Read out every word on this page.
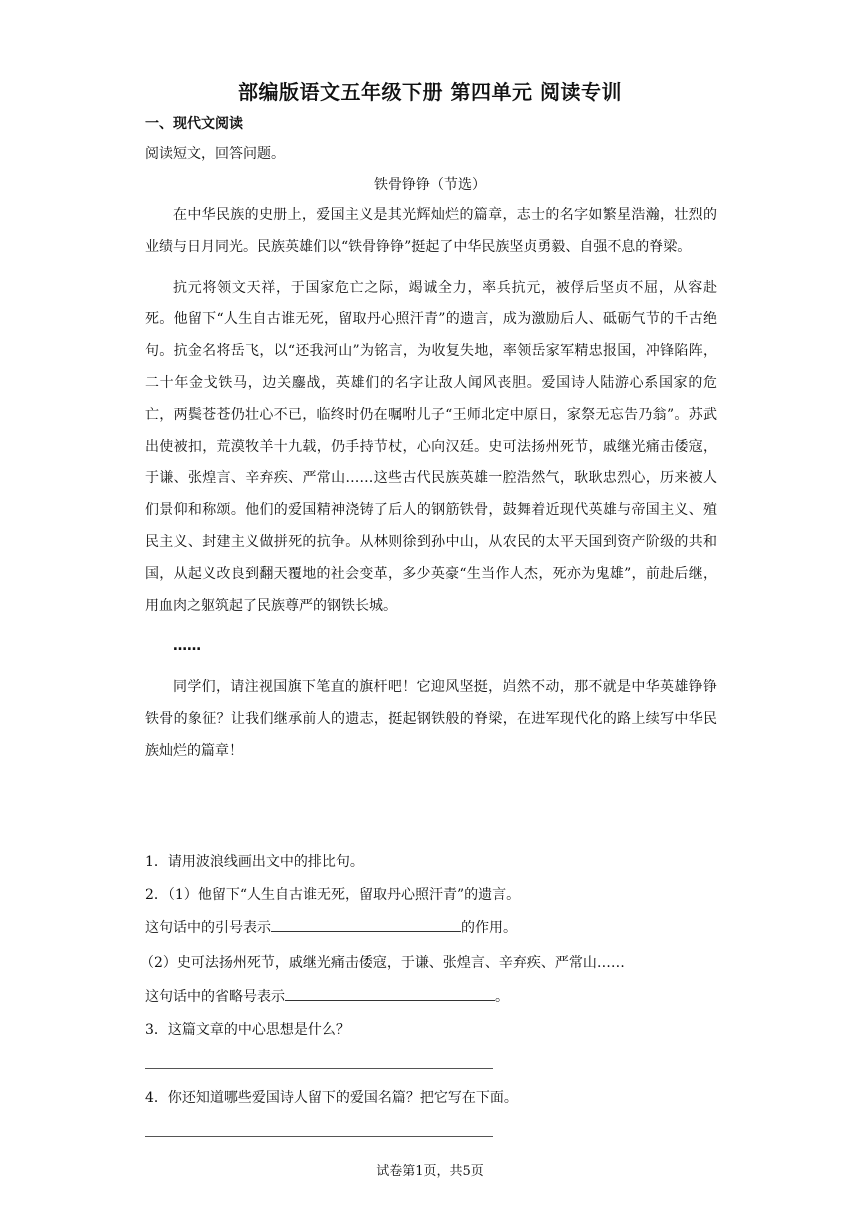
部编版语文五年级下册 第四单元 阅读专训
一、现代文阅读
阅读短文，回答问题。
铁骨铮铮（节选）

在中华民族的史册上，爱国主义是其光辉灿烂的篇章，志士的名字如繁星浩瀚，壮烈的业绩与日月同光。民族英雄们以“铁骨铮铮”挺起了中华民族坚贞勇毅、自强不息的脊梁。

抗元将领文天祥，于国家危亡之际，竭诚全力，率兵抗元，被俘后坚贞不屈，从容赴死。他留下“人生自古谁无死，留取丹心照汗青”的遗言，成为激励后人、砥砺气节的千古绝句。抗金名将岳飞，以“还我河山”为铭言，为收复失地，率领岳家军精忠报国，冲锋陷阵，二十年金戈铁马，边关鏖战，英雄们的名字让敌人闻风丧胆。爱国诗人陆游心系国家的危亡，两鬓苍苍仍壮心不已，临终时仍在嘱咐儿子“王师北定中原日，家祭无忘告乃翁”。苏武出使被扣，荒漠牧羊十九载，仍手持节杖，心向汉廷。史可法扬州死节，戚继光痛击倭寇，于谦、张煌言、辛弃疾、严常山……这些古代民族英雄一腔浩然气，耿耿忠烈心，历来被人们景仰和称颂。他们的爱国精神浇铸了后人的钢筋铁骨，鼓舞着近现代英雄与帝国主义、殖民主义、封建主义做拼死的抗争。从林则徐到孙中山，从农民的太平天国到资产阶级的共和国，从起义改良到翻天覆地的社会变革，多少英豪“生当作人杰，死亦为鬼雄”，前赴后继，用血肉之躯筑起了民族尊严的钢铁长城。

……

同学们，请注视国旗下笔直的旗杆吧！它迎风坚挺，岿然不动，那不就是中华英雄铮铮铁骨的象征？让我们继承前人的遗志，挺起钢铁般的脊梁，在进军现代化的路上续写中华民族灿烂的篇章！

1．请用波浪线画出文中的排比句。
2．（1）他留下“人生自古谁无死，留取丹心照汗青”的遗言。
这句话中的引号表示	的作用。
（2）史可法扬州死节，戚继光痛击倭寇，于谦、张煌言、辛弃疾、严常山……
这句话中的省略号表示	。
3．这篇文章的中心思想是什么？
4．你还知道哪些爱国诗人留下的爱国名篇？把它写在下面。
试卷第1页，共5页
